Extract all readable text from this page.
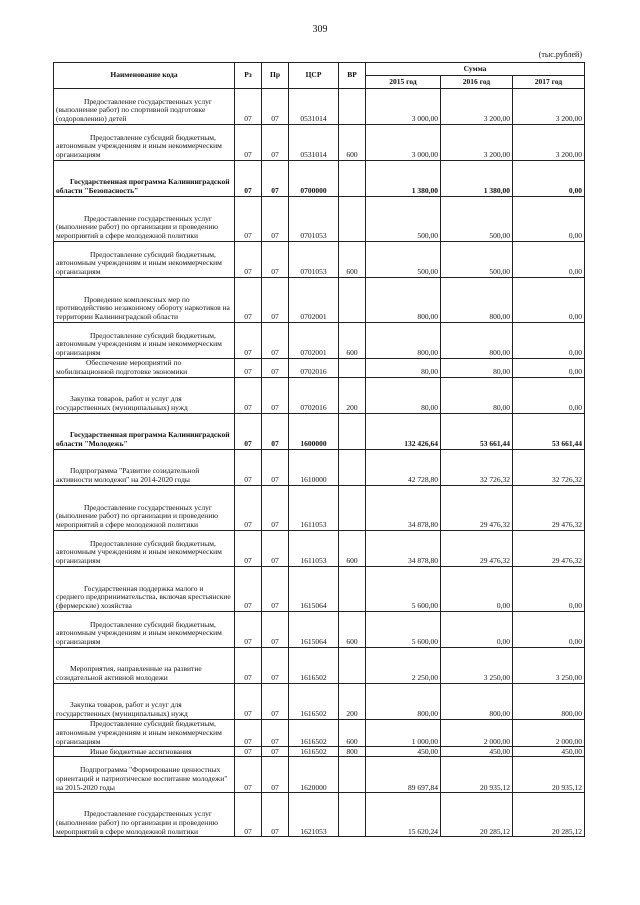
309
(тыс.рублей)
Наименование кода	Рз	Пр	ЦСР	ВР	Сумма		
					2015 год	2016 год	2017 год

Предоставление государственных услуг (выполнение работ) по спортивной подготовке (оздоровлению) детей	07	07	0531014		3 000,00	3 200,00	3 200,00

Предоставление субсидий бюджетным, автономным учреждениям и иным некоммерческим организациям	07	07	0531014	600	3 000,00	3 200,00	3 200,00

Государственная программа Калининградской области "Безопасность"	07	07	0700000		1 380,00	1 380,00	0,00

Предоставление государственных услуг (выполнение работ) по организации и проведению мероприятий в сфере молодежной политики	07	07	0701053		500,00	500,00	0,00

Предоставление субсидий бюджетным, автономным учреждениям и иным некоммерческим организациям	07	07	0701053	600	500,00	500,00	0,00

Проведение комплексных мер по противодействию незаконному обороту наркотиков на территории Калининградской области	07	07	0702001		800,00	800,00	0,00

Предоставление субсидий бюджетным, автономным учреждениям и иным некоммерческим организациям	07	07	0702001	600	800,00	800,00	0,00

Обеспечение мероприятий по мобилизационной подготовке экономики	07	07	0702016		80,00	80,00	0,00

Закупка товаров, работ и услуг для государственных (муниципальных) нужд	07	07	0702016	200	80,00	80,00	0,00

Государственная программа Калининградской области "Молодежь"	07	07	1600000		132 426,64	53 661,44	53 661,44

Подпрограмма "Развитие созидательной активности молодежи" на 2014-2020 годы	07	07	1610000		42 728,80	32 726,32	32 726,32

Предоставление государственных услуг (выполнение работ) по организации и проведению мероприятий в сфере молодежной политики	07	07	1611053		34 878,80	29 476,32	29 476,32

Предоставление субсидий бюджетным, автономным учреждениям и иным некоммерческим организациям	07	07	1611053	600	34 878,80	29 476,32	29 476,32

Государственная поддержка малого и среднего предпринимательства, включая крестьянские (фермерские) хозяйства	07	07	1615064		5 600,00	0,00	0,00

Предоставление субсидий бюджетным, автономным учреждениям и иным некоммерческим организациям	07	07	1615064	600	5 600,00	0,00	0,00

Мероприятия, направленные на развитие созидательной активной молодежи	07	07	1616502		2 250,00	3 250,00	3 250,00

Закупка товаров, работ и услуг для государственных (муниципальных) нужд	07	07	1616502	200	800,00	800,00	800,00

Предоставление субсидий бюджетным, автономным учреждениям и иным некоммерческим организациям	07	07	1616502	600	1 000,00	2 000,00	2 000,00

Иные бюджетные ассигнования	07	07	1616502	800	450,00	450,00	450,00

Подпрограмма "Формирование ценностных ориентаций и патриотическое воспитание молодежи" на 2015-2020 годы	07	07	1620000		89 697,84	20 935,12	20 935,12

Предоставление государственных услуг (выполнение работ) по организации и проведению мероприятий в сфере молодежной политики	07	07	1621053		15 620,24	20 285,12	20 285,12
